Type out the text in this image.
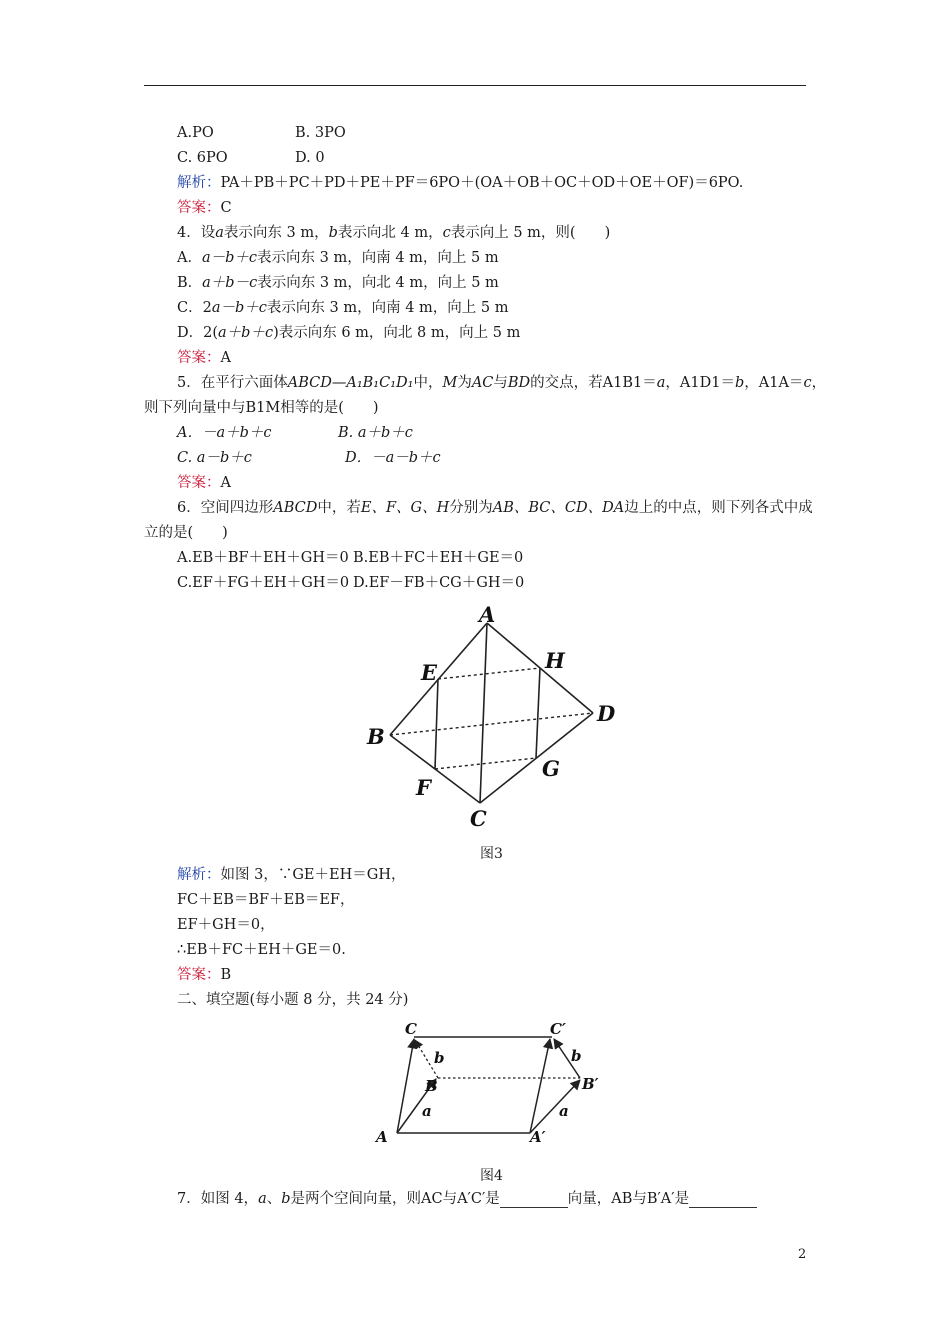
A.PO	B. 3PO
C. 6PO	D. 0
解析：PA＋PB＋PC＋PD＋PE＋PF＝6PO＋(OA＋OB＋OC＋OD＋OE＋OF)＝6PO.
答案：C
4．设a表示向东 3 m，b表示向北 4 m，c表示向上 5 m，则(　　)
A．a－b＋c表示向东 3 m，向南 4 m，向上 5 m
B．a＋b－c表示向东 3 m，向北 4 m，向上 5 m
C．2a－b＋c表示向东 3 m，向南 4 m，向上 5 m
D．2(a＋b＋c)表示向东 6 m，向北 8 m，向上 5 m
答案：A
5．在平行六面体ABCD—A₁B₁C₁D₁中，M为AC与BD的交点，若A1B1＝a，A1D1＝b，A1A＝c，
则下列向量中与B1M相等的是(　　)
A．－a＋b＋c	B. a＋b＋c
C. a－b＋c	D．－a－b＋c
答案：A
6．空间四边形ABCD中，若E、F、G、H分别为AB、BC、CD、DA边上的中点，则下列各式中成
立的是(　　)
A.EB＋BF＋EH＋GH＝0 B.EB＋FC＋EH＋GE＝0
C.EF＋FG＋EH＋GH＝0 D.EF－FB＋CG＋GH＝0
A
B
C
D
E
F
G
H
图3
解析：如图 3，∵GE＋EH＝GH，
FC＋EB＝BF＋EB＝EF，
EF＋GH＝0，
∴EB＋FC＋EH＋GE＝0.
答案：B
二、填空题(每小题 8 分，共 24 分)
C	C′
b	b
B	B′
a	a
A	A′
图4
7．如图 4，a、b是两个空间向量，则AC与A′C′是	向量，AB与B′A′是
2
